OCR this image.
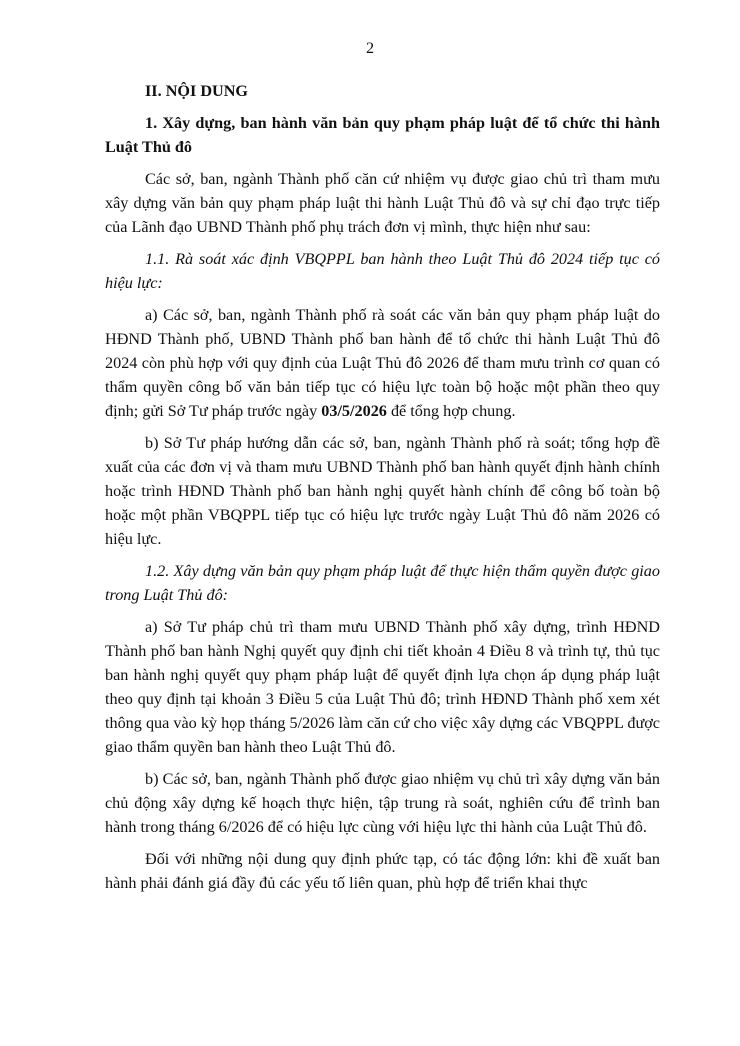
2
II. NỘI DUNG
1. Xây dựng, ban hành văn bản quy phạm pháp luật để tổ chức thi hành Luật Thủ đô
Các sở, ban, ngành Thành phố căn cứ nhiệm vụ được giao chủ trì tham mưu xây dựng văn bản quy phạm pháp luật thi hành Luật Thủ đô và sự chỉ đạo trực tiếp của Lãnh đạo UBND Thành phố phụ trách đơn vị mình, thực hiện như sau:
1.1. Rà soát xác định VBQPPL ban hành theo Luật Thủ đô 2024 tiếp tục có hiệu lực:
a) Các sở, ban, ngành Thành phố rà soát các văn bản quy phạm pháp luật do HĐND Thành phố, UBND Thành phố ban hành để tổ chức thi hành Luật Thủ đô 2024 còn phù hợp với quy định của Luật Thủ đô 2026 để tham mưu trình cơ quan có thẩm quyền công bố văn bản tiếp tục có hiệu lực toàn bộ hoặc một phần theo quy định; gửi Sở Tư pháp trước ngày 03/5/2026 để tổng hợp chung.
b) Sở Tư pháp hướng dẫn các sở, ban, ngành Thành phố rà soát; tổng hợp đề xuất của các đơn vị và tham mưu UBND Thành phố ban hành quyết định hành chính hoặc trình HĐND Thành phố ban hành nghị quyết hành chính để công bố toàn bộ hoặc một phần VBQPPL tiếp tục có hiệu lực trước ngày Luật Thủ đô năm 2026 có hiệu lực.
1.2. Xây dựng văn bản quy phạm pháp luật để thực hiện thẩm quyền được giao trong Luật Thủ đô:
a) Sở Tư pháp chủ trì tham mưu UBND Thành phố xây dựng, trình HĐND Thành phố ban hành Nghị quyết quy định chi tiết khoản 4 Điều 8 và trình tự, thủ tục ban hành nghị quyết quy phạm pháp luật để quyết định lựa chọn áp dụng pháp luật theo quy định tại khoản 3 Điều 5 của Luật Thủ đô; trình HĐND Thành phố xem xét thông qua vào kỳ họp tháng 5/2026 làm căn cứ cho việc xây dựng các VBQPPL được giao thẩm quyền ban hành theo Luật Thủ đô.
b) Các sở, ban, ngành Thành phố được giao nhiệm vụ chủ trì xây dựng văn bản chủ động xây dựng kế hoạch thực hiện, tập trung rà soát, nghiên cứu để trình ban hành trong tháng 6/2026 để có hiệu lực cùng với hiệu lực thi hành của Luật Thủ đô.
Đối với những nội dung quy định phức tạp, có tác động lớn: khi đề xuất ban hành phải đánh giá đầy đủ các yếu tố liên quan, phù hợp để triển khai thực
